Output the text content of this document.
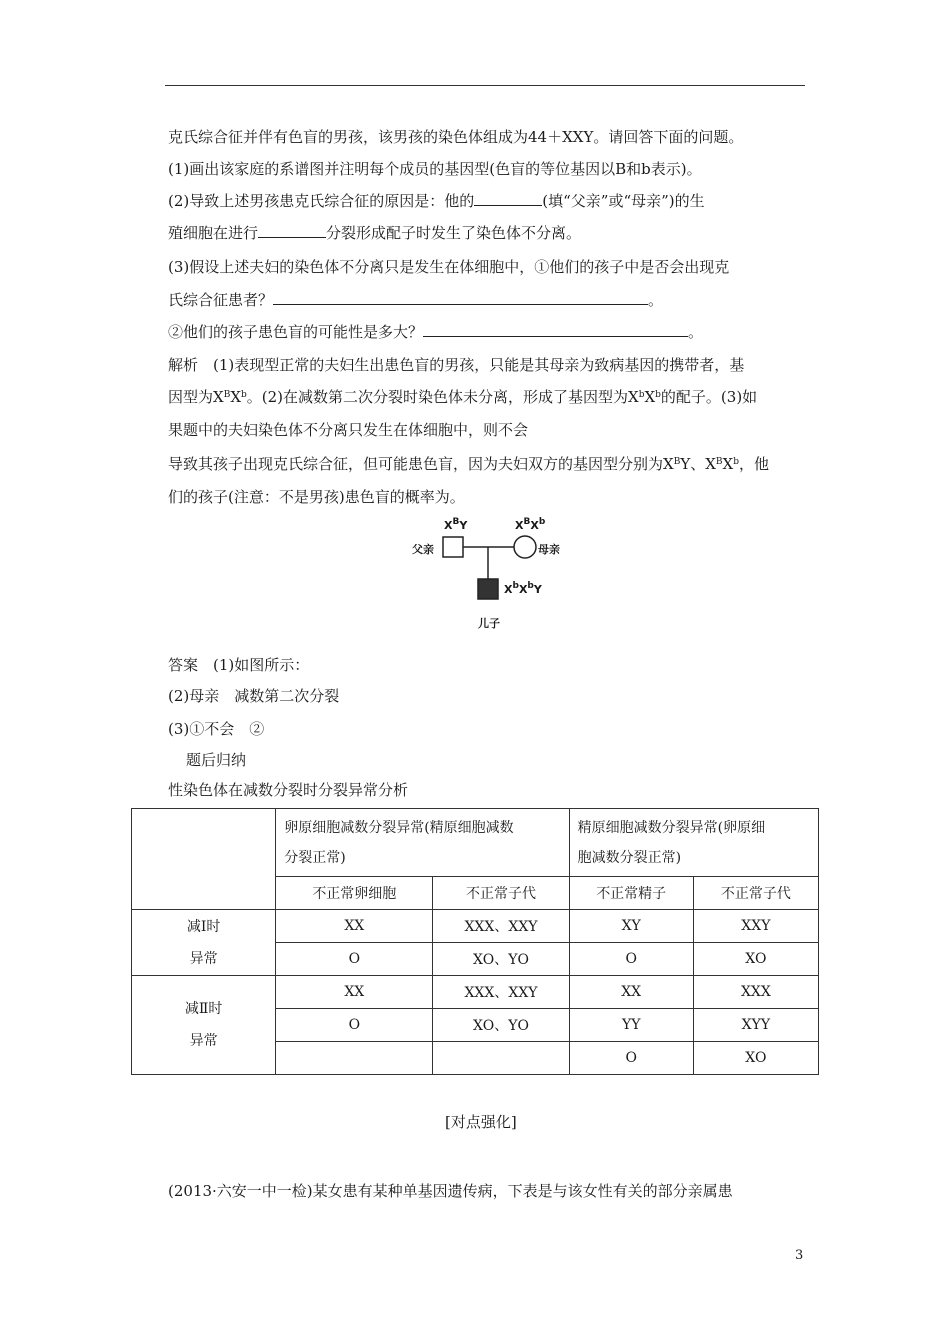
克氏综合征并伴有色盲的男孩，该男孩的染色体组成为44＋XXY。请回答下面的问题。
(1)画出该家庭的系谱图并注明每个成员的基因型(色盲的等位基因以B和b表示)。
(2)导致上述男孩患克氏综合征的原因是：他的	(填“父亲”或“母亲”)的生
殖细胞在进行	分裂形成配子时发生了染色体不分离。
(3)假设上述夫妇的染色体不分离只是发生在体细胞中，①他们的孩子中是否会出现克
氏综合征患者？	。
②他们的孩子患色盲的可能性是多大？	。
解析　(1)表现型正常的夫妇生出患色盲的男孩，只能是其母亲为致病基因的携带者，基
因型为$X^BX^b$。(2)在减数第二次分裂时染色体未分离，形成了基因型为$X^bX^b$的配子。(3)如
果题中的夫妇染色体不分离只发生在体细胞中，则不会
导致其孩子出现克氏综合征，但可能患色盲，因为夫妇双方的基因型分别为$X^BY$、$X^BX^b$，他
们的孩子(注意：不是男孩)患色盲的概率为。
$X^BY$	$X^BX^b$
父亲	母亲
$X^bX^bY$
儿子
答案　(1)如图所示：
(2)母亲　减数第二次分裂
(3)①不会　②
题后归纳
性染色体在减数分裂时分裂异常分析
	卵原细胞减数分裂异常(精原细胞减数
分裂正常)		精原细胞减数分裂异常(卵原细
胞减数分裂正常)	
	不正常卵细胞	不正常子代	不正常精子	不正常子代
减Ⅰ时
异常	XX	XXX、XXY	XY	XXY
	O	XO、YO	O	XO
减Ⅱ时
异常	XX	XXX、XXY	XX	XXX
	O	XO、YO	YY	XYY
			O	XO
[对点强化]
(2013·六安一中一检)某女患有某种单基因遗传病，下表是与该女性有关的部分亲属患
3
